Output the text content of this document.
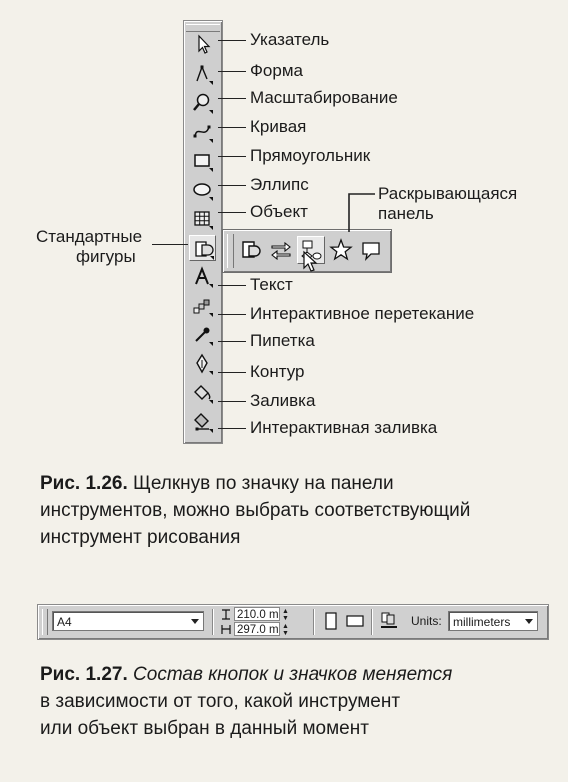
Указатель
Форма
Масштабирование
Кривая
Прямоугольник
Эллипс
Объект
Раскрывающаяся
панель
Стандартные
фигуры
Текст
Интерактивное перетекание
Пипетка
Контур
Заливка
Интерактивная заливка
Рис. 1.26. Щелкнув по значку на панели
инструментов, можно выбрать соответствующий
инструмент рисования
A4	210.0 m ▲
▼
297.0 m ▲
▼
Units: millimeters
Рис. 1.27. Состав кнопок и значков меняется
в зависимости от того, какой инструмент
или объект выбран в данный момент
